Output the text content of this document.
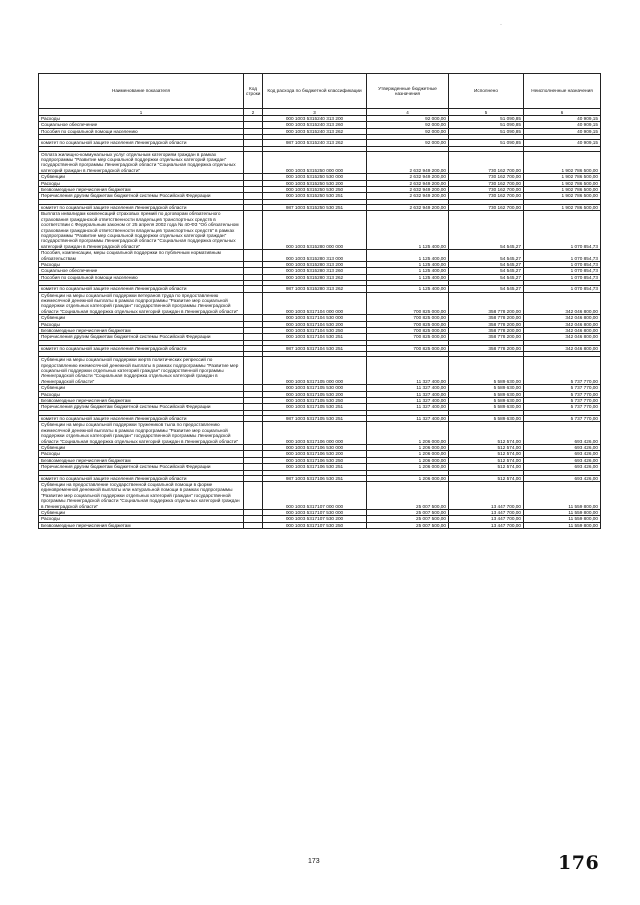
Наименование показателя	Код строки	Код расхода по бюджетной классификации	Утвержденные бюджетные назначения	Исполнено	Неисполненные назначения
1	2	3	4	5	6
Расходы		000 1003 5315240 313 200	92 000,00	51 090,85	40 909,15
Социальное обеспечение		000 1003 5315240 313 260	92 000,00	51 090,85	40 909,15
Пособия по социальной помощи населению		000 1003 5315240 313 262	92 000,00	51 090,85	40 909,15

комитет по социальной защите населения Ленинградской области		987 1003 5315240 313 262	92 000,00	51 090,85	40 909,15

Оплата жилищно-коммунальных услуг отдельным категориям граждан в рамках подпрограммы "Развитие мер социальной поддержки отдельных категорий граждан" государственной программы Ленинградской области "Социальная поддержка отдельных категорий граждан в Ленинградской области"		000 1003 5315250 000 000	2 632 949 200,00	730 162 700,00	1 902 786 500,00
Субвенции		000 1003 5315250 530 000	2 632 949 200,00	730 162 700,00	1 902 786 500,00
Расходы		000 1003 5315250 530 200	2 632 949 200,00	730 162 700,00	1 902 786 500,00
Безвозмездные перечисления бюджетам		000 1003 5315250 530 250	2 632 949 200,00	730 162 700,00	1 902 786 500,00
Перечисления другим бюджетам бюджетной системы Российской Федерации		000 1003 5315250 530 251	2 632 949 200,00	730 162 700,00	1 902 786 500,00

комитет по социальной защите населения Ленинградской области		987 1003 5315250 530 251	2 632 949 200,00	730 162 700,00	1 902 786 500,00
Выплата инвалидам компенсаций страховых премий по договорам обязательного страхования гражданской ответственности владельцев транспортных средств в соответствии с Федеральным законом от 25 апреля 2002 года № 40-ФЗ "Об обязательном страховании гражданской ответственности владельцев транспортных средств" в рамках подпрограммы "Развитие мер социальной поддержки отдельных категорий граждан" государственной программы Ленинградской области "Социальная поддержка отдельных категорий граждан в Ленинградской области"		000 1003 5315280 000 000	1 125 400,00	54 545,27	1 070 854,73
Пособия, компенсации, меры социальной поддержки по публичным нормативным обязательствам		000 1003 5315280 313 000	1 125 400,00	54 545,27	1 070 854,73
Расходы		000 1003 5315280 313 200	1 125 400,00	54 545,27	1 070 854,73
Социальное обеспечение		000 1003 5315280 313 260	1 125 400,00	54 545,27	1 070 854,73
Пособия по социальной помощи населению		000 1003 5315280 313 262	1 125 400,00	54 545,27	1 070 854,73

комитет по социальной защите населения Ленинградской области		987 1003 5315280 313 262	1 125 400,00	54 545,27	1 070 854,73
Субвенции на меры социальной поддержки ветеранов труда по предоставлению ежемесячной денежной выплаты в рамках подпрограммы "Развитие мер социальной поддержки отдельных категорий граждан" государственной программы Ленинградской области "Социальная поддержка отдельных категорий граждан в Ленинградской области"		000 1003 5317104 000 000	700 825 000,00	358 778 200,00	342 046 800,00
Субвенции		000 1003 5317104 530 000	700 825 000,00	358 778 200,00	342 046 800,00
Расходы		000 1003 5317104 530 200	700 825 000,00	358 778 200,00	342 046 800,00
Безвозмездные перечисления бюджетам		000 1003 5317104 530 250	700 825 000,00	358 778 200,00	342 046 800,00
Перечисления другим бюджетам бюджетной системы Российской Федерации		000 1003 5317104 530 251	700 825 000,00	358 778 200,00	342 046 800,00

комитет по социальной защите населения Ленинградской области		987 1003 5317104 530 251	700 825 000,00	358 778 200,00	342 046 800,00

Субвенции на меры социальной поддержки жертв политических репрессий по предоставлению ежемесячной денежной выплаты в рамках подпрограммы "Развитие мер социальной поддержки отдельных категорий граждан" государственной программы Ленинградской области "Социальная поддержка отдельных категорий граждан в Ленинградской области"		000 1003 5317105 000 000	11 327 400,00	5 589 630,00	5 737 770,00
Субвенции		000 1003 5317105 530 000	11 327 400,00	5 589 630,00	5 737 770,00
Расходы		000 1003 5317105 530 200	11 327 400,00	5 589 630,00	5 737 770,00
Безвозмездные перечисления бюджетам		000 1003 5317105 530 250	11 327 400,00	5 589 630,00	5 737 770,00
Перечисления другим бюджетам бюджетной системы Российской Федерации		000 1003 5317105 530 251	11 327 400,00	5 589 630,00	5 737 770,00

комитет по социальной защите населения Ленинградской области		987 1003 5317105 530 251	11 327 400,00	5 589 630,00	5 737 770,00
Субвенции на меры социальной поддержки тружеников тыла по предоставлению ежемесячной денежной выплаты в рамках подпрограммы "Развитие мер социальной поддержки отдельных категорий граждан" государственной программы Ленинградской области "Социальная поддержка отдельных категорий граждан в Ленинградской области"		000 1003 5317106 000 000	1 206 000,00	512 574,00	693 426,00
Субвенции		000 1003 5317106 530 000	1 206 000,00	512 574,00	693 426,00
Расходы		000 1003 5317106 530 200	1 206 000,00	512 574,00	693 426,00
Безвозмездные перечисления бюджетам		000 1003 5317106 530 250	1 206 000,00	512 574,00	693 426,00
Перечисления другим бюджетам бюджетной системы Российской Федерации		000 1003 5317106 530 251	1 206 000,00	512 574,00	693 426,00

комитет по социальной защите населения Ленинградской области		987 1003 5317106 530 251	1 206 000,00	512 574,00	693 426,00
Субвенции на предоставление государственной социальной помощи в форме единовременной денежной выплаты или натуральной помощи в рамках подпрограммы "Развитие мер социальной поддержки отдельных категорий граждан" государственной программы Ленинградской области "Социальная поддержка отдельных категорий граждан в Ленинградской области"		000 1003 5317107 000 000	25 007 500,00	13 447 700,00	11 559 800,00
Субвенции		000 1003 5317107 530 000	25 007 500,00	13 447 700,00	11 559 800,00
Расходы		000 1003 5317107 530 200	25 007 500,00	13 447 700,00	11 559 800,00
Безвозмездные перечисления бюджетам		000 1003 5317107 530 250	25 007 500,00	13 447 700,00	11 559 800,00
·
173	176
